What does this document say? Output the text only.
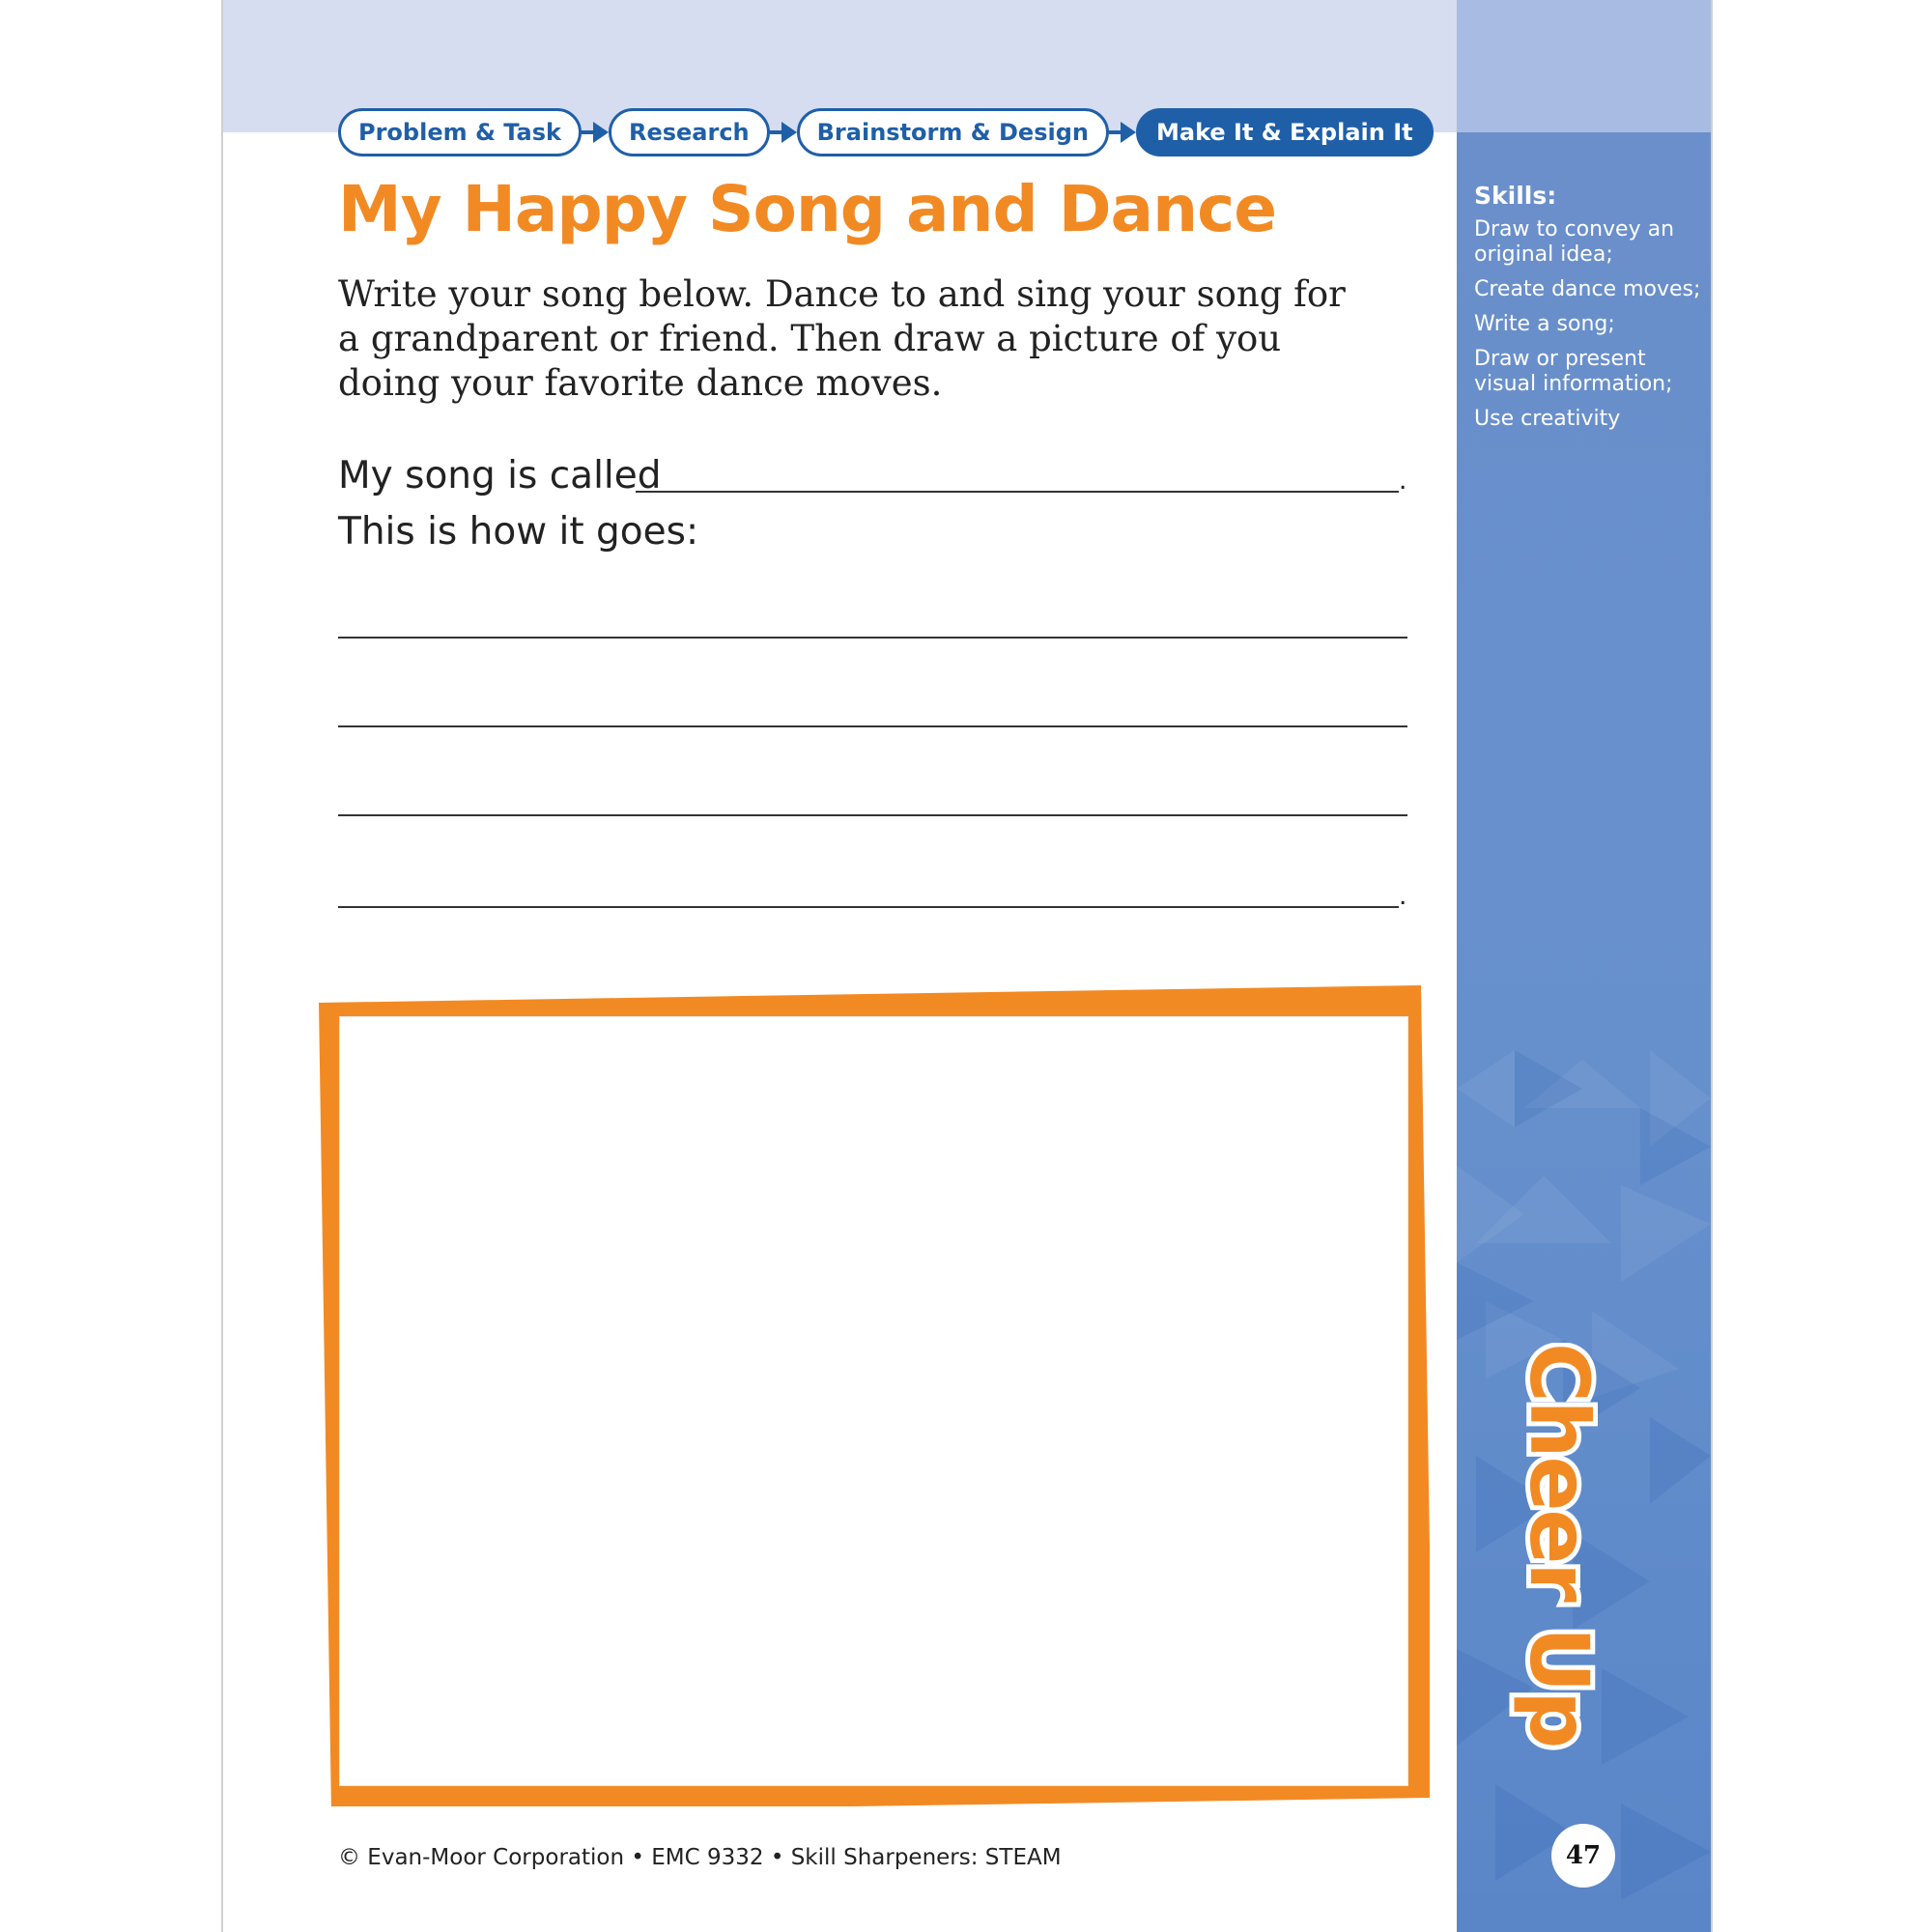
Problem & Task	Research	Brainstorm & Design	Make It & Explain It
My Happy Song and Dance

Write your song below. Dance to and sing your song for a grandparent or friend. Then draw a picture of you doing your favorite dance moves.

My song is called	.
This is how it goes:
.

Skills:

Draw to convey an original idea;
Create dance moves;
Write a song;
Draw or present visual information;
Use creativity
Cheer Up
47
© Evan-Moor Corporation • EMC 9332 • Skill Sharpeners: STEAM
